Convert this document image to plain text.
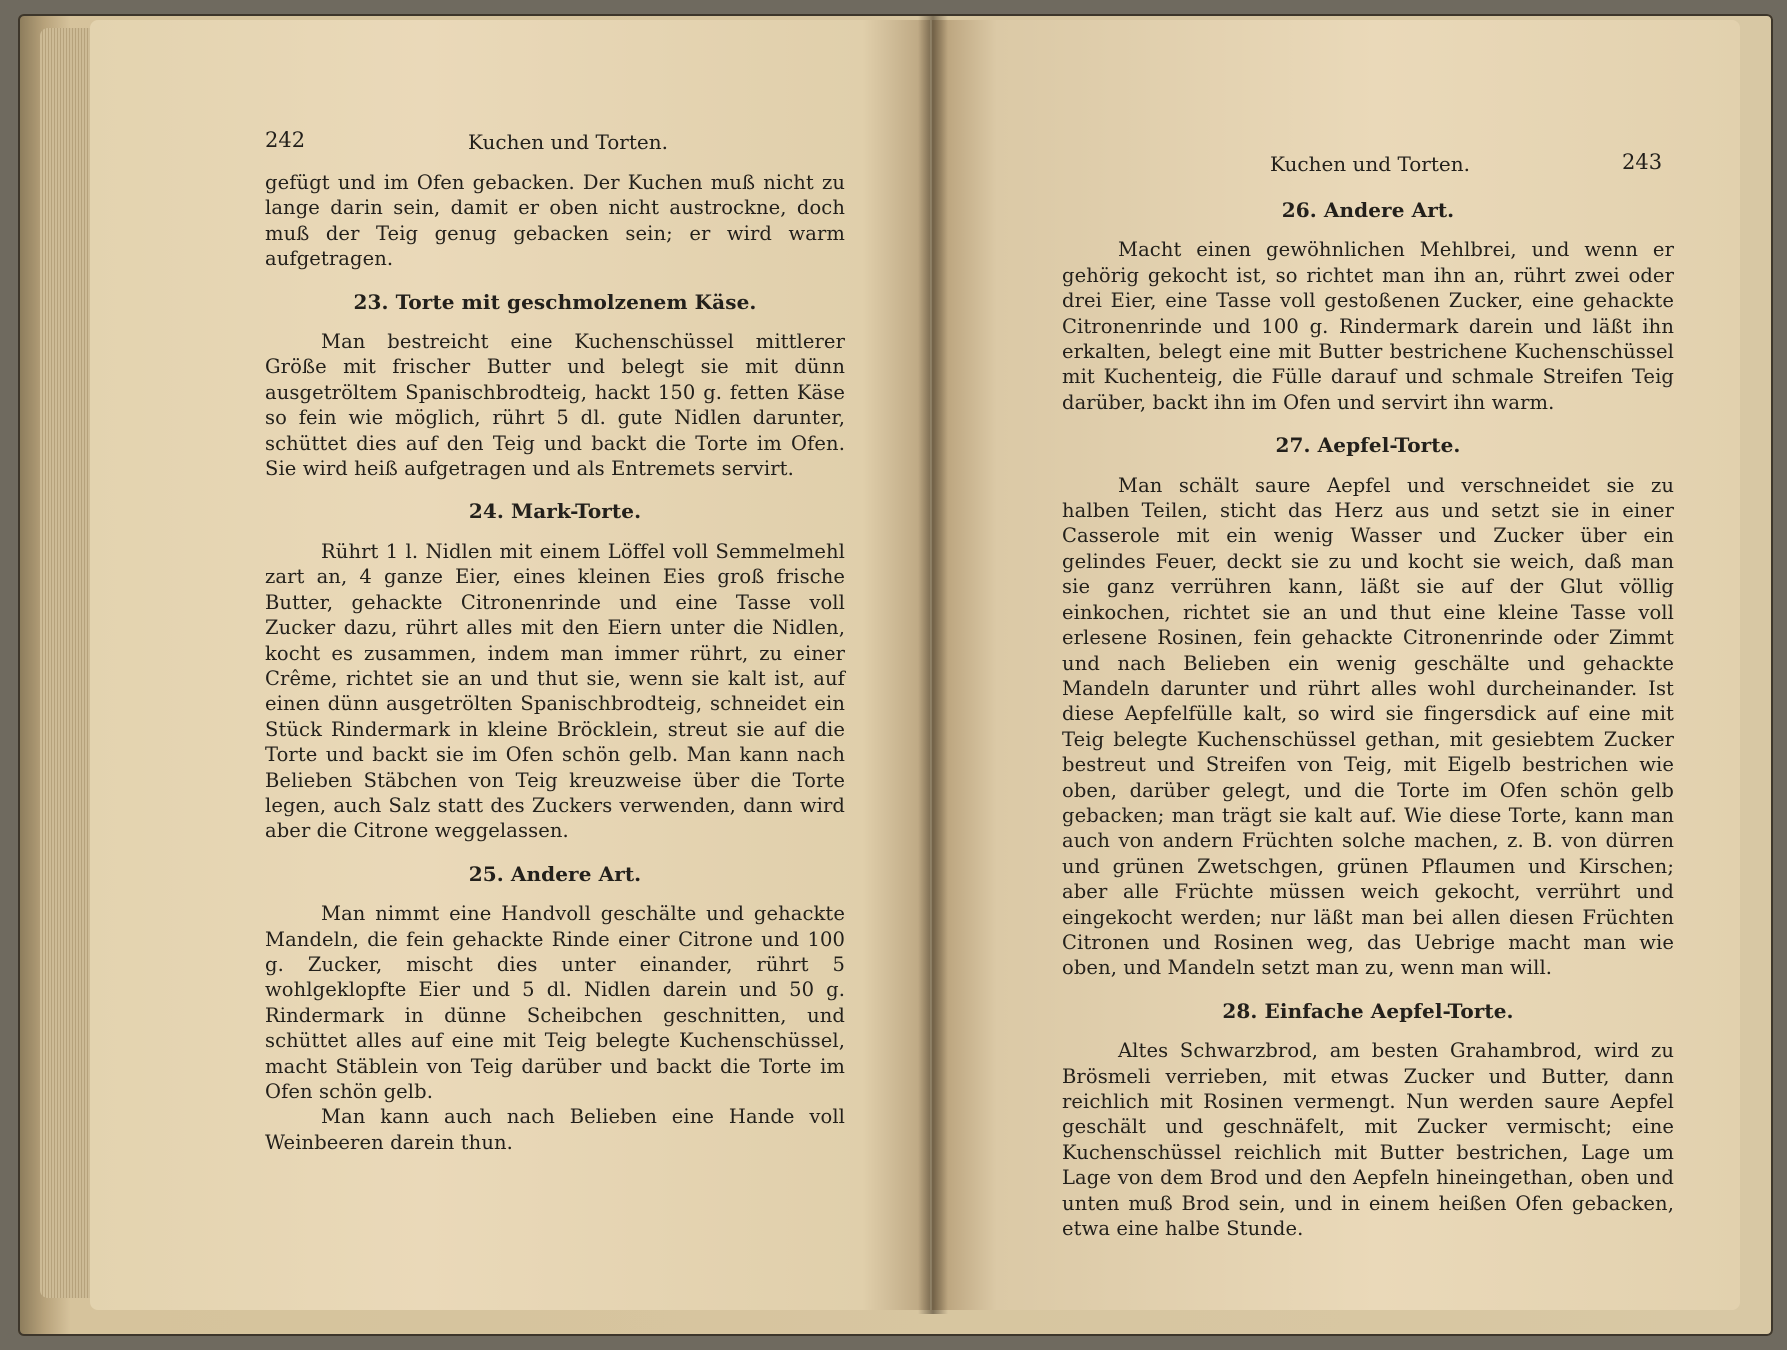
242	Kuchen und Torten.

gefügt und im Ofen gebacken. Der Kuchen muß nicht zu lange darin sein, damit er oben nicht austrockne, doch muß der Teig genug gebacken sein; er wird warm aufgetragen.

23. Torte mit geschmolzenem Käse.

Man bestreicht eine Kuchenschüssel mittlerer Größe mit frischer Butter und belegt sie mit dünn ausgetröltem Spanischbrodteig, hackt 150 g. fetten Käse so fein wie möglich, rührt 5 dl. gute Nidlen darunter, schüttet dies auf den Teig und backt die Torte im Ofen. Sie wird heiß aufgetragen und als Entremets servirt.

24. Mark-Torte.

Rührt 1 l. Nidlen mit einem Löffel voll Semmelmehl zart an, 4 ganze Eier, eines kleinen Eies groß frische Butter, gehackte Citronenrinde und eine Tasse voll Zucker dazu, rührt alles mit den Eiern unter die Nidlen, kocht es zusammen, indem man immer rührt, zu einer Crême, richtet sie an und thut sie, wenn sie kalt ist, auf einen dünn ausgetrölten Spanischbrodteig, schneidet ein Stück Rindermark in kleine Bröcklein, streut sie auf die Torte und backt sie im Ofen schön gelb. Man kann nach Belieben Stäbchen von Teig kreuzweise über die Torte legen, auch Salz statt des Zuckers verwenden, dann wird aber die Citrone weggelassen.

25. Andere Art.

Man nimmt eine Handvoll geschälte und gehackte Mandeln, die fein gehackte Rinde einer Citrone und 100 g. Zucker, mischt dies unter einander, rührt 5 wohlgeklopfte Eier und 5 dl. Nidlen darein und 50 g. Rindermark in dünne Scheibchen geschnitten, und schüttet alles auf eine mit Teig belegte Kuchenschüssel, macht Stäblein von Teig darüber und backt die Torte im Ofen schön gelb.

Man kann auch nach Belieben eine Hande voll Weinbeeren darein thun.

Kuchen und Torten.	243
26. Andere Art.

Macht einen gewöhnlichen Mehlbrei, und wenn er gehörig gekocht ist, so richtet man ihn an, rührt zwei oder drei Eier, eine Tasse voll gestoßenen Zucker, eine gehackte Citronenrinde und 100 g. Rindermark darein und läßt ihn erkalten, belegt eine mit Butter bestrichene Kuchenschüssel mit Kuchenteig, die Fülle darauf und schmale Streifen Teig darüber, backt ihn im Ofen und servirt ihn warm.

27. Aepfel-Torte.

Man schält saure Aepfel und verschneidet sie zu halben Teilen, sticht das Herz aus und setzt sie in einer Casserole mit ein wenig Wasser und Zucker über ein gelindes Feuer, deckt sie zu und kocht sie weich, daß man sie ganz verrühren kann, läßt sie auf der Glut völlig einkochen, richtet sie an und thut eine kleine Tasse voll erlesene Rosinen, fein gehackte Citronenrinde oder Zimmt und nach Belieben ein wenig geschälte und gehackte Mandeln darunter und rührt alles wohl durcheinander. Ist diese Aepfelfülle kalt, so wird sie fingersdick auf eine mit Teig belegte Kuchenschüssel gethan, mit gesiebtem Zucker bestreut und Streifen von Teig, mit Eigelb bestrichen wie oben, darüber gelegt, und die Torte im Ofen schön gelb gebacken; man trägt sie kalt auf. Wie diese Torte, kann man auch von andern Früchten solche machen, z. B. von dürren und grünen Zwetschgen, grünen Pflaumen und Kirschen; aber alle Früchte müssen weich gekocht, verrührt und eingekocht werden; nur läßt man bei allen diesen Früchten Citronen und Rosinen weg, das Uebrige macht man wie oben, und Mandeln setzt man zu, wenn man will.

28. Einfache Aepfel-Torte.

Altes Schwarzbrod, am besten Grahambrod, wird zu Brösmeli verrieben, mit etwas Zucker und Butter, dann reichlich mit Rosinen vermengt. Nun werden saure Aepfel geschält und geschnäfelt, mit Zucker vermischt; eine Kuchenschüssel reichlich mit Butter bestrichen, Lage um Lage von dem Brod und den Aepfeln hineingethan, oben und unten muß Brod sein, und in einem heißen Ofen gebacken, etwa eine halbe Stunde.
